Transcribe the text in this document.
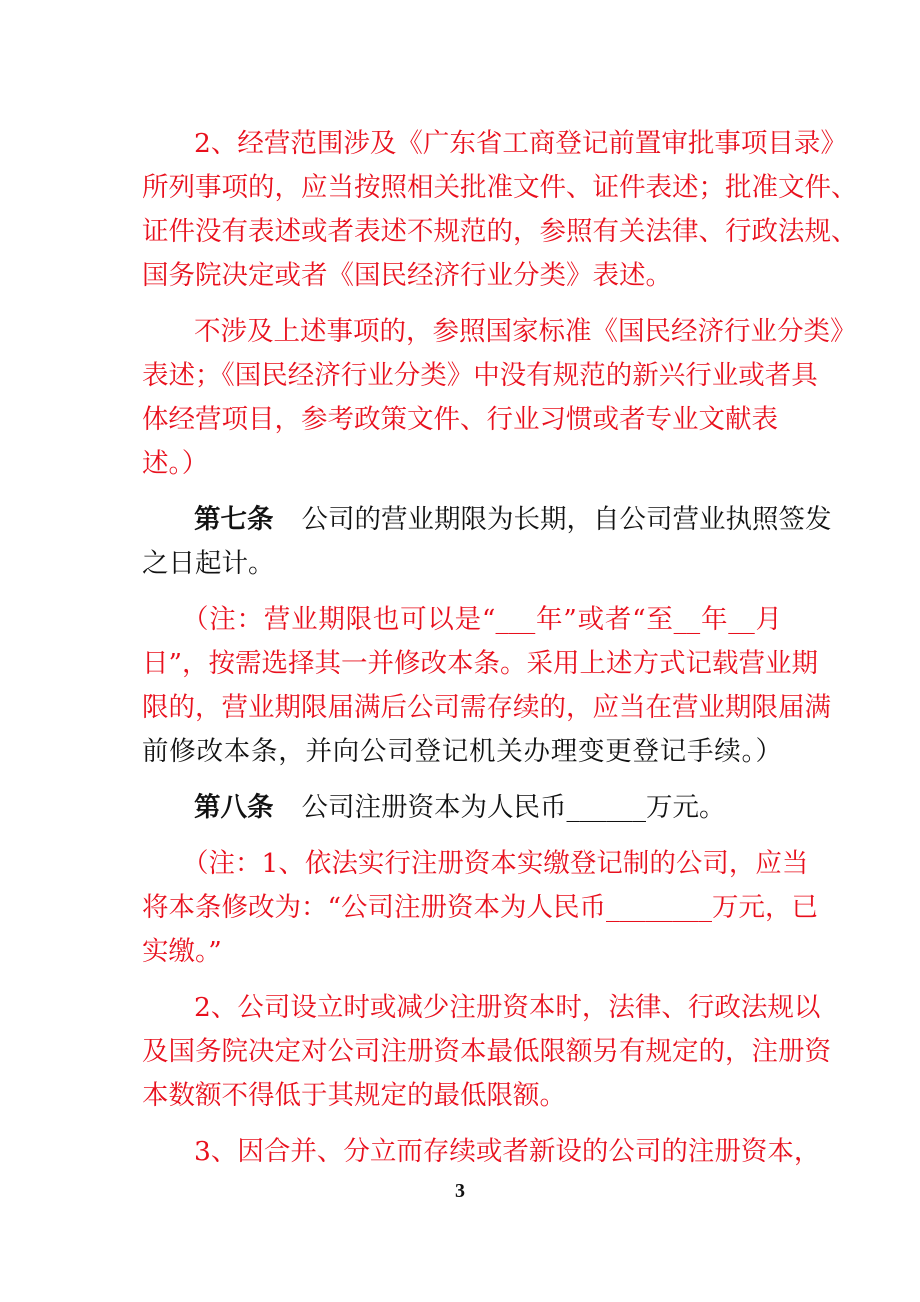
2、经营范围涉及《广东省工商登记前置审批事项目录》
所列事项的，应当按照相关批准文件、证件表述；批准文件、
证件没有表述或者表述不规范的，参照有关法律、行政法规、
国务院决定或者《国民经济行业分类》表述。
不涉及上述事项的，参照国家标准《国民经济行业分类》
表述；《国民经济行业分类》中没有规范的新兴行业或者具
体经营项目，参考政策文件、行业习惯或者专业文献表
述。）
第七条 公司的营业期限为长期，自公司营业执照签发
之日起计。
（注：营业期限也可以是“___年”或者“至__年__月
日”，按需选择其一并修改本条。采用上述方式记载营业期
限的，营业期限届满后公司需存续的，应当在营业期限届满
前修改本条，并向公司登记机关办理变更登记手续。）
第八条 公司注册资本为人民币______万元。
（注：1、依法实行注册资本实缴登记制的公司，应当
将本条修改为：“公司注册资本为人民币________万元，已
实缴。”
2、公司设立时或减少注册资本时，法律、行政法规以
及国务院决定对公司注册资本最低限额另有规定的，注册资
本数额不得低于其规定的最低限额。
3、因合并、分立而存续或者新设的公司的注册资本，
3
